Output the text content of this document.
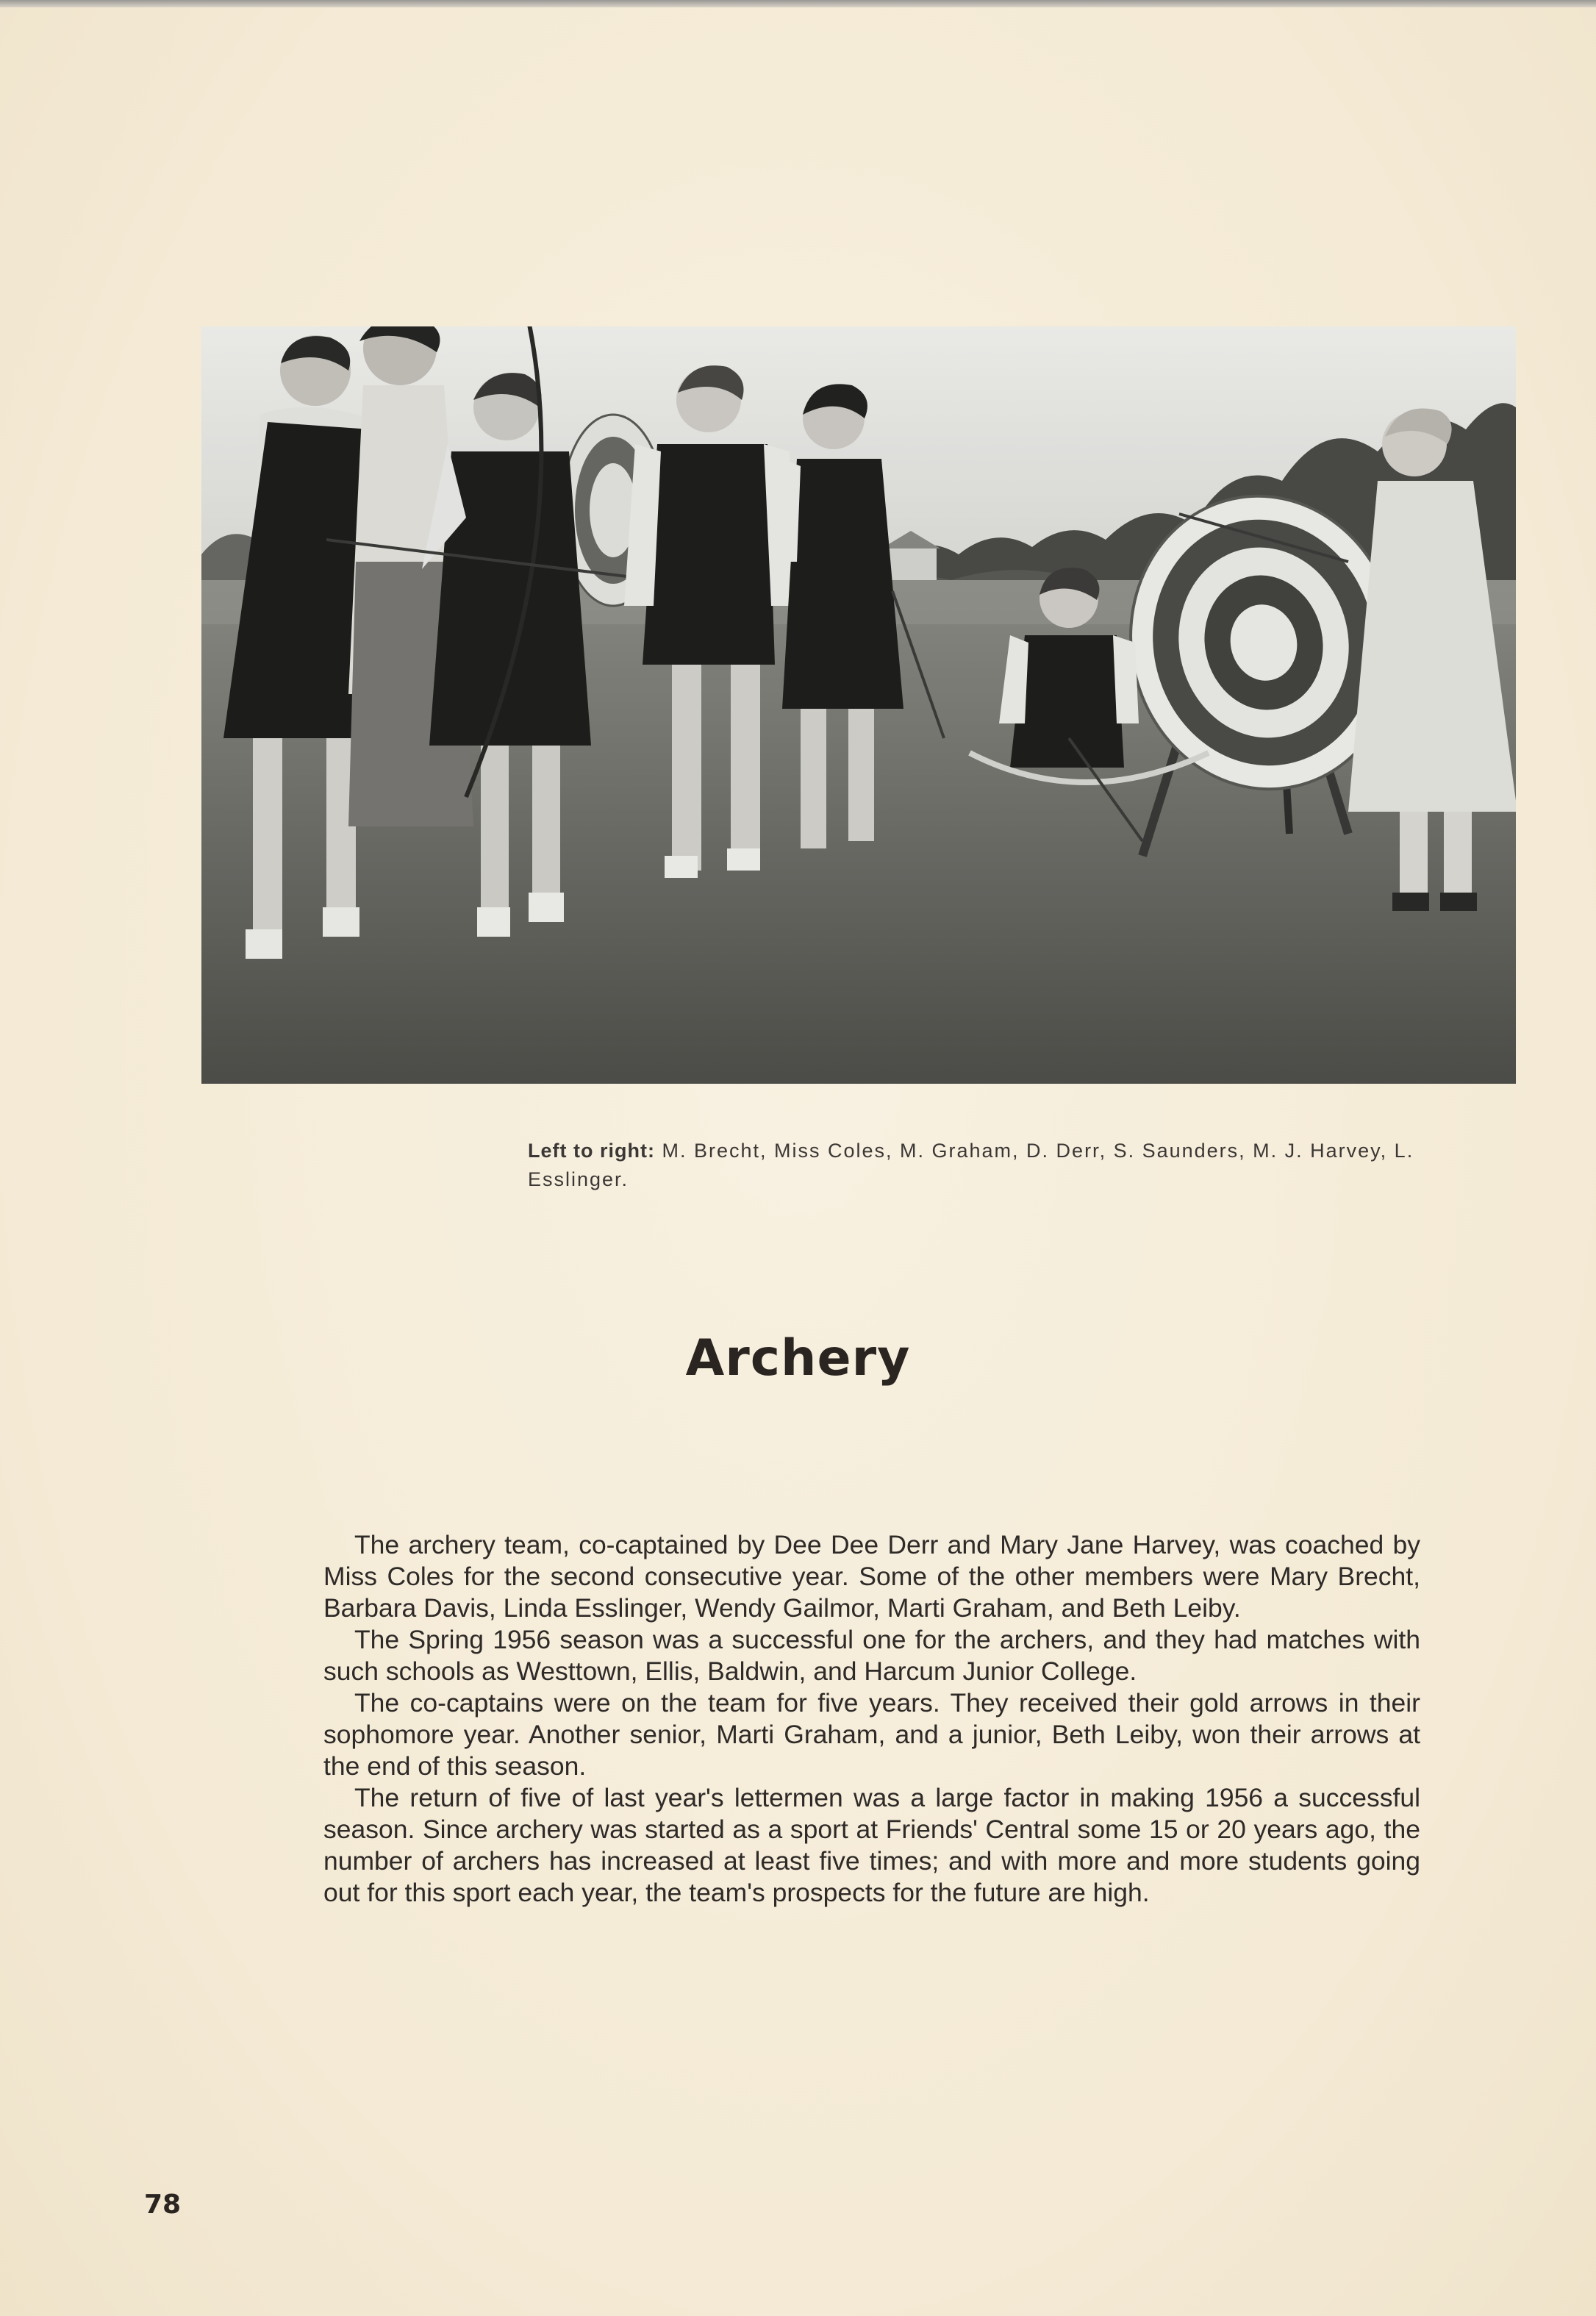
Left to right: M. Brecht, Miss Coles, M. Graham, D. Derr, S. Saunders, M. J. Harvey, L. Esslinger.
Archery

The archery team, co-captained by Dee Dee Derr and Mary Jane Harvey, was coached by Miss Coles for the second consecutive year. Some of the other members were Mary Brecht, Barbara Davis, Linda Esslinger, Wendy Gailmor, Marti Graham, and Beth Leiby.

The Spring 1956 season was a successful one for the archers, and they had matches with such schools as Westtown, Ellis, Baldwin, and Harcum Junior College.

The co-captains were on the team for five years. They received their gold arrows in their sophomore year. Another senior, Marti Graham, and a junior, Beth Leiby, won their arrows at the end of this season.

The return of five of last year's lettermen was a large factor in making 1956 a successful season. Since archery was started as a sport at Friends' Central some 15 or 20 years ago, the number of archers has increased at least five times; and with more and more students going out for this sport each year, the team's prospects for the future are high.

78
